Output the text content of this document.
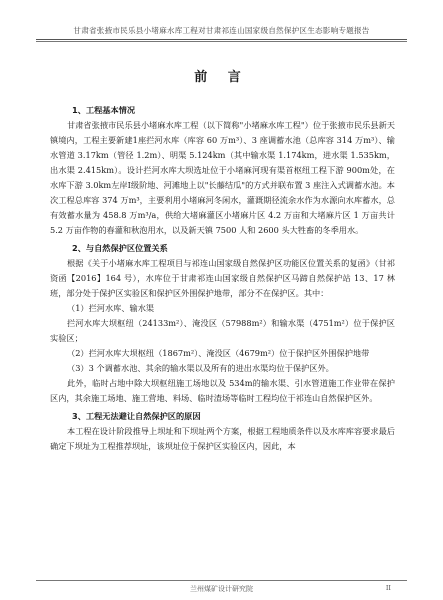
甘肃省张掖市民乐县小堵麻水库工程对甘肃祁连山国家级自然保护区生态影响专题报告
前 言
1、工程基本情况

甘肃省张掖市民乐县小堵麻水库工程（以下简称"小堵麻水库工程"）位于张掖市民乐县新天镇境内，工程主要新建1座拦河水库（库容 60 万m³）、3 座调蓄水池（总库容 314 万m³）、输水管道 3.17km（管径 1.2m）、明渠 5.124km（其中输水渠 1.174km，进水渠 1.535km，出水渠 2.415km）。设计拦河水库大坝选址位于小堵麻河现有渠首枢纽工程下游 900m处，在水库下游 3.0km左岸Ⅰ级阶地、河滩地上以"长藤结瓜"的方式并联布置 3 座注入式调蓄水池。本次工程总库容 374 万m³，主要利用小堵麻河冬闲水，灌溉期径流余水作为水源向水库蓄水，总有效蓄水量为 458.8 万m³/a，供给大堵麻灌区小堵麻片区 4.2 万亩和大堵麻片区 1 万亩共计 5.2 万亩作物的春灌和秋泡用水，以及新天镇 7500 人和 2600 头大牲畜的冬季用水。

2、与自然保护区位置关系

根据《关于小堵麻水库工程项目与祁连山国家级自然保护区功能区位置关系的复函》（甘祁资函【2016】164 号），水库位于甘肃祁连山国家级自然保护区马蹄自然保护站 13、17 林班，部分处于保护区实验区和保护区外围保护地带，部分不在保护区。其中：

（1）拦河水库、输水渠

拦河水库大坝枢纽（24133m²）、淹没区（57988m²）和输水渠（4751m²）位于保护区实验区；

（2）拦河水库大坝枢纽（1867m²）、淹没区（4679m²）位于保护区外围保护地带

（3）3 个调蓄水池、其余的输水渠以及所有的进出水渠均位于保护区外。

此外，临时占地中除大坝枢纽施工场地以及 534m的输水渠、引水管道施工作业带在保护区内，其余施工场地、施工营地、料场、临时渣场等临时工程均位于祁连山自然保护区外。

3、工程无法避让自然保护区的原因

本工程在设计阶段推导上坝址和下坝址两个方案，根据工程地质条件以及水库库容要求最后确定下坝址为工程推荐坝址，该坝址位于保护区实验区内，因此，本

兰州煤矿设计研究院	II
